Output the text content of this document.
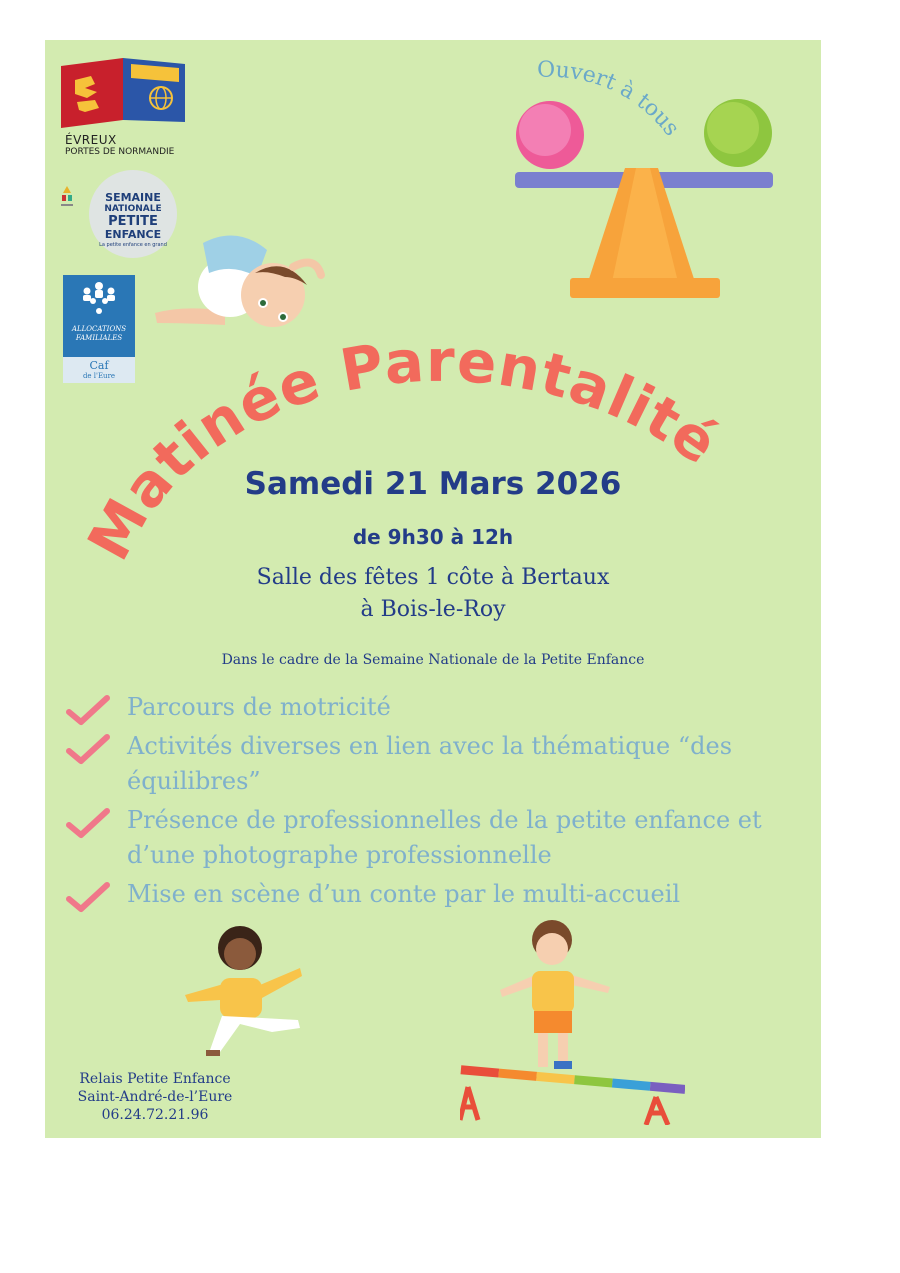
ÉVREUX
PORTES DE NORMANDIE
SEMAINE
NATIONALE
PETITE
ENFANCE
La petite enfance en grand
ALLOCATIONS
FAMILIALES
Caf
de l'Eure
Ouvert à tous
Matinée Parentalité
Samedi 21 Mars 2026
de 9h30 à 12h
Salle des fêtes 1 côte à Bertaux
à Bois-le-Roy
Dans le cadre de la Semaine Nationale de la Petite Enfance
Parcours de motricité
Activités diverses en lien avec la thématique “des équilibres”
Présence de professionnelles de la petite enfance et d’une photographe professionnelle
Mise en scène d’un conte par le multi-accueil
Relais Petite Enfance
Saint-André-de-l’Eure
06.24.72.21.96
